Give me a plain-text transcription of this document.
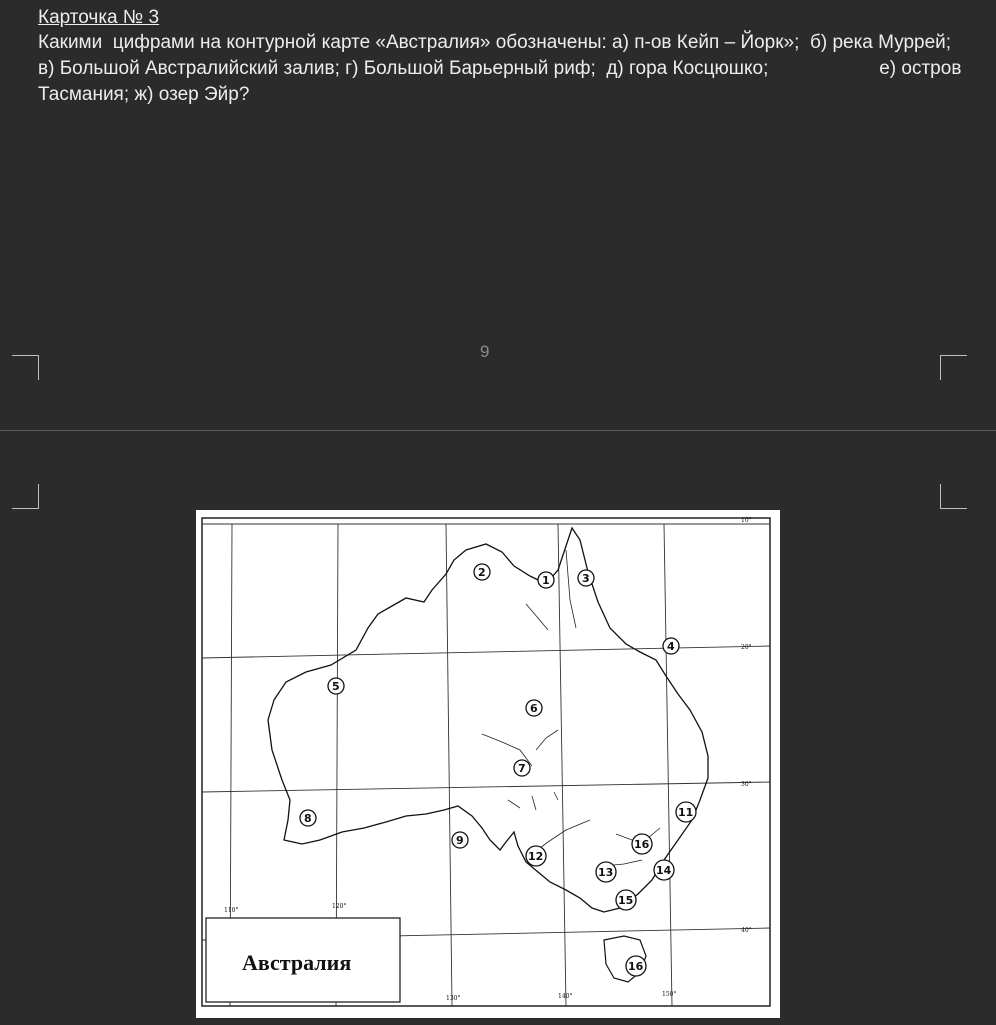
Карточка № 3
Какими  цифрами на контурной карте «Австралия» обозначены: а) п-ов Кейп – Йорк»;  б) река Муррей; в) Большой Австралийский залив; г) Большой Барьерный риф;  д) гора Косцюшко;                     е) остров Тасмания; ж) озер Эйр?
9
110°
120°
130°	140°	150°
10°
20°
30°
40°
1
2	3
4
5
6
7
8
9
11
12
13	14
15
16
16
Австралия
